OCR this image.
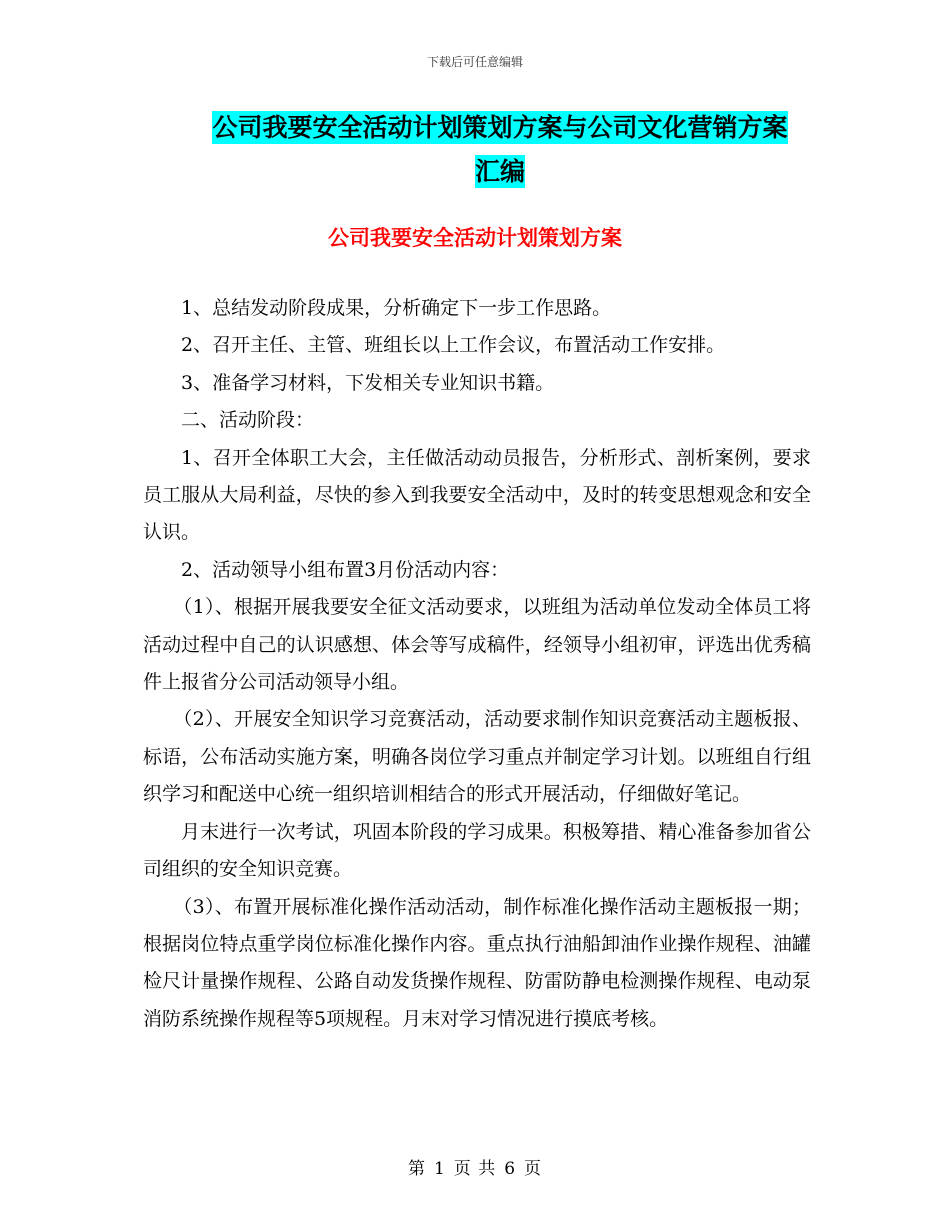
下载后可任意编辑
公司我要安全活动计划策划方案与公司文化营销方案
汇编
公司我要安全活动计划策划方案

1、总结发动阶段成果，分析确定下一步工作思路。

2、召开主任、主管、班组长以上工作会议，布置活动工作安排。

3、准备学习材料，下发相关专业知识书籍。

二、活动阶段：

1、召开全体职工大会，主任做活动动员报告，分析形式、剖析案例，要求员工服从大局利益，尽快的参入到我要安全活动中，及时的转变思想观念和安全认识。

2、活动领导小组布置3月份活动内容：

（1）、根据开展我要安全征文活动要求，以班组为活动单位发动全体员工将活动过程中自己的认识感想、体会等写成稿件，经领导小组初审，评选出优秀稿件上报省分公司活动领导小组。

（2）、开展安全知识学习竞赛活动，活动要求制作知识竞赛活动主题板报、标语，公布活动实施方案，明确各岗位学习重点并制定学习计划。以班组自行组织学习和配送中心统一组织培训相结合的形式开展活动，仔细做好笔记。

月末进行一次考试，巩固本阶段的学习成果。积极筹措、精心准备参加省公司组织的安全知识竞赛。

（3）、布置开展标准化操作活动活动，制作标准化操作活动主题板报一期；根据岗位特点重学岗位标准化操作内容。重点执行油船卸油作业操作规程、油罐检尺计量操作规程、公路自动发货操作规程、防雷防静电检测操作规程、电动泵消防系统操作规程等5项规程。月末对学习情况进行摸底考核。

第 1 页 共 6 页
